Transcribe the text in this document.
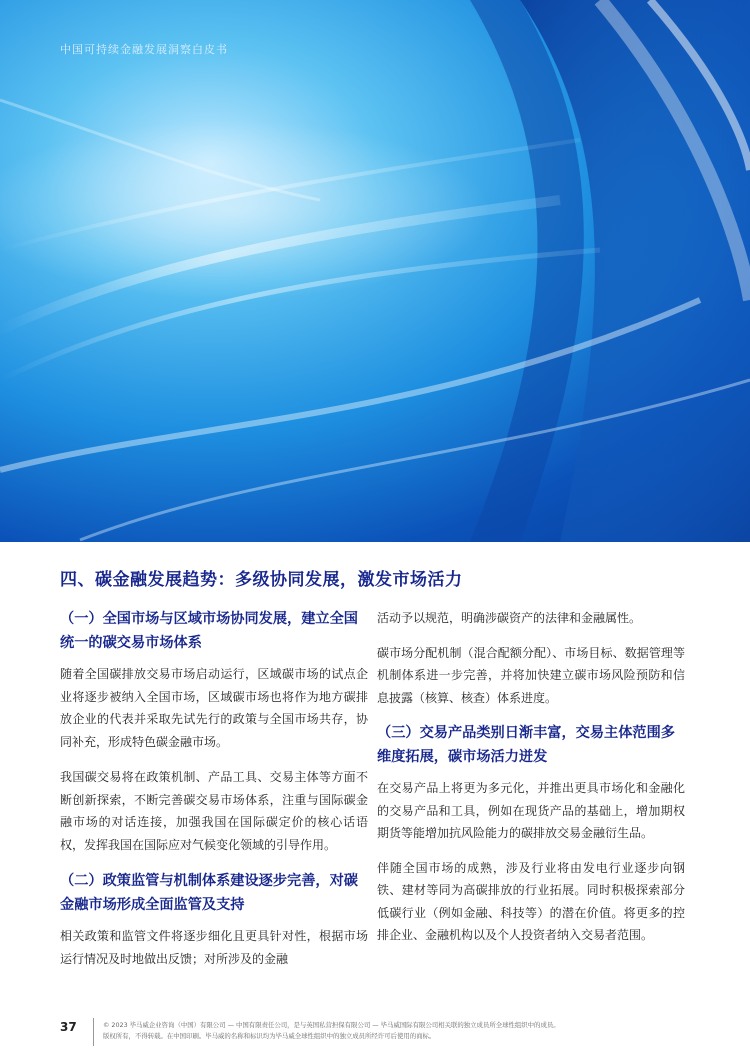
中国可持续金融发展洞察白皮书
四、碳金融发展趋势：多级协同发展，激发市场活力
（一）全国市场与区域市场协同发展，建立全国统一的碳交易市场体系

随着全国碳排放交易市场启动运行，区域碳市场的试点企业将逐步被纳入全国市场，区域碳市场也将作为地方碳排放企业的代表并采取先试先行的政策与全国市场共存，协同补充，形成特色碳金融市场。

我国碳交易将在政策机制、产品工具、交易主体等方面不断创新探索，不断完善碳交易市场体系，注重与国际碳金融市场的对话连接，加强我国在国际碳定价的核心话语权，发挥我国在国际应对气候变化领域的引导作用。

（二）政策监管与机制体系建设逐步完善，对碳金融市场形成全面监管及支持

相关政策和监管文件将逐步细化且更具针对性，根据市场运行情况及时地做出反馈；对所涉及的金融

活动予以规范，明确涉碳资产的法律和金融属性。

碳市场分配机制（混合配额分配）、市场目标、数据管理等机制体系进一步完善，并将加快建立碳市场风险预防和信息披露（核算、核查）体系进度。

（三）交易产品类别日渐丰富，交易主体范围多维度拓展，碳市场活力迸发

在交易产品上将更为多元化，并推出更具市场化和金融化的交易产品和工具，例如在现货产品的基础上，增加期权期货等能增加抗风险能力的碳排放交易金融衍生品。

伴随全国市场的成熟，涉及行业将由发电行业逐步向钢铁、建材等同为高碳排放的行业拓展。同时积极探索部分低碳行业（例如金融、科技等）的潜在价值。将更多的控排企业、金融机构以及个人投资者纳入交易者范围。

37	© 2023 毕马威企业咨询（中国）有限公司 — 中国有限责任公司，是与英国私营担保有限公司 — 毕马威国际有限公司相关联的独立成员所全球性组织中的成员。
版权所有，不得转载。在中国印刷。毕马威的名称和标识均为毕马威全球性组织中的独立成员所经许可后使用的商标。
